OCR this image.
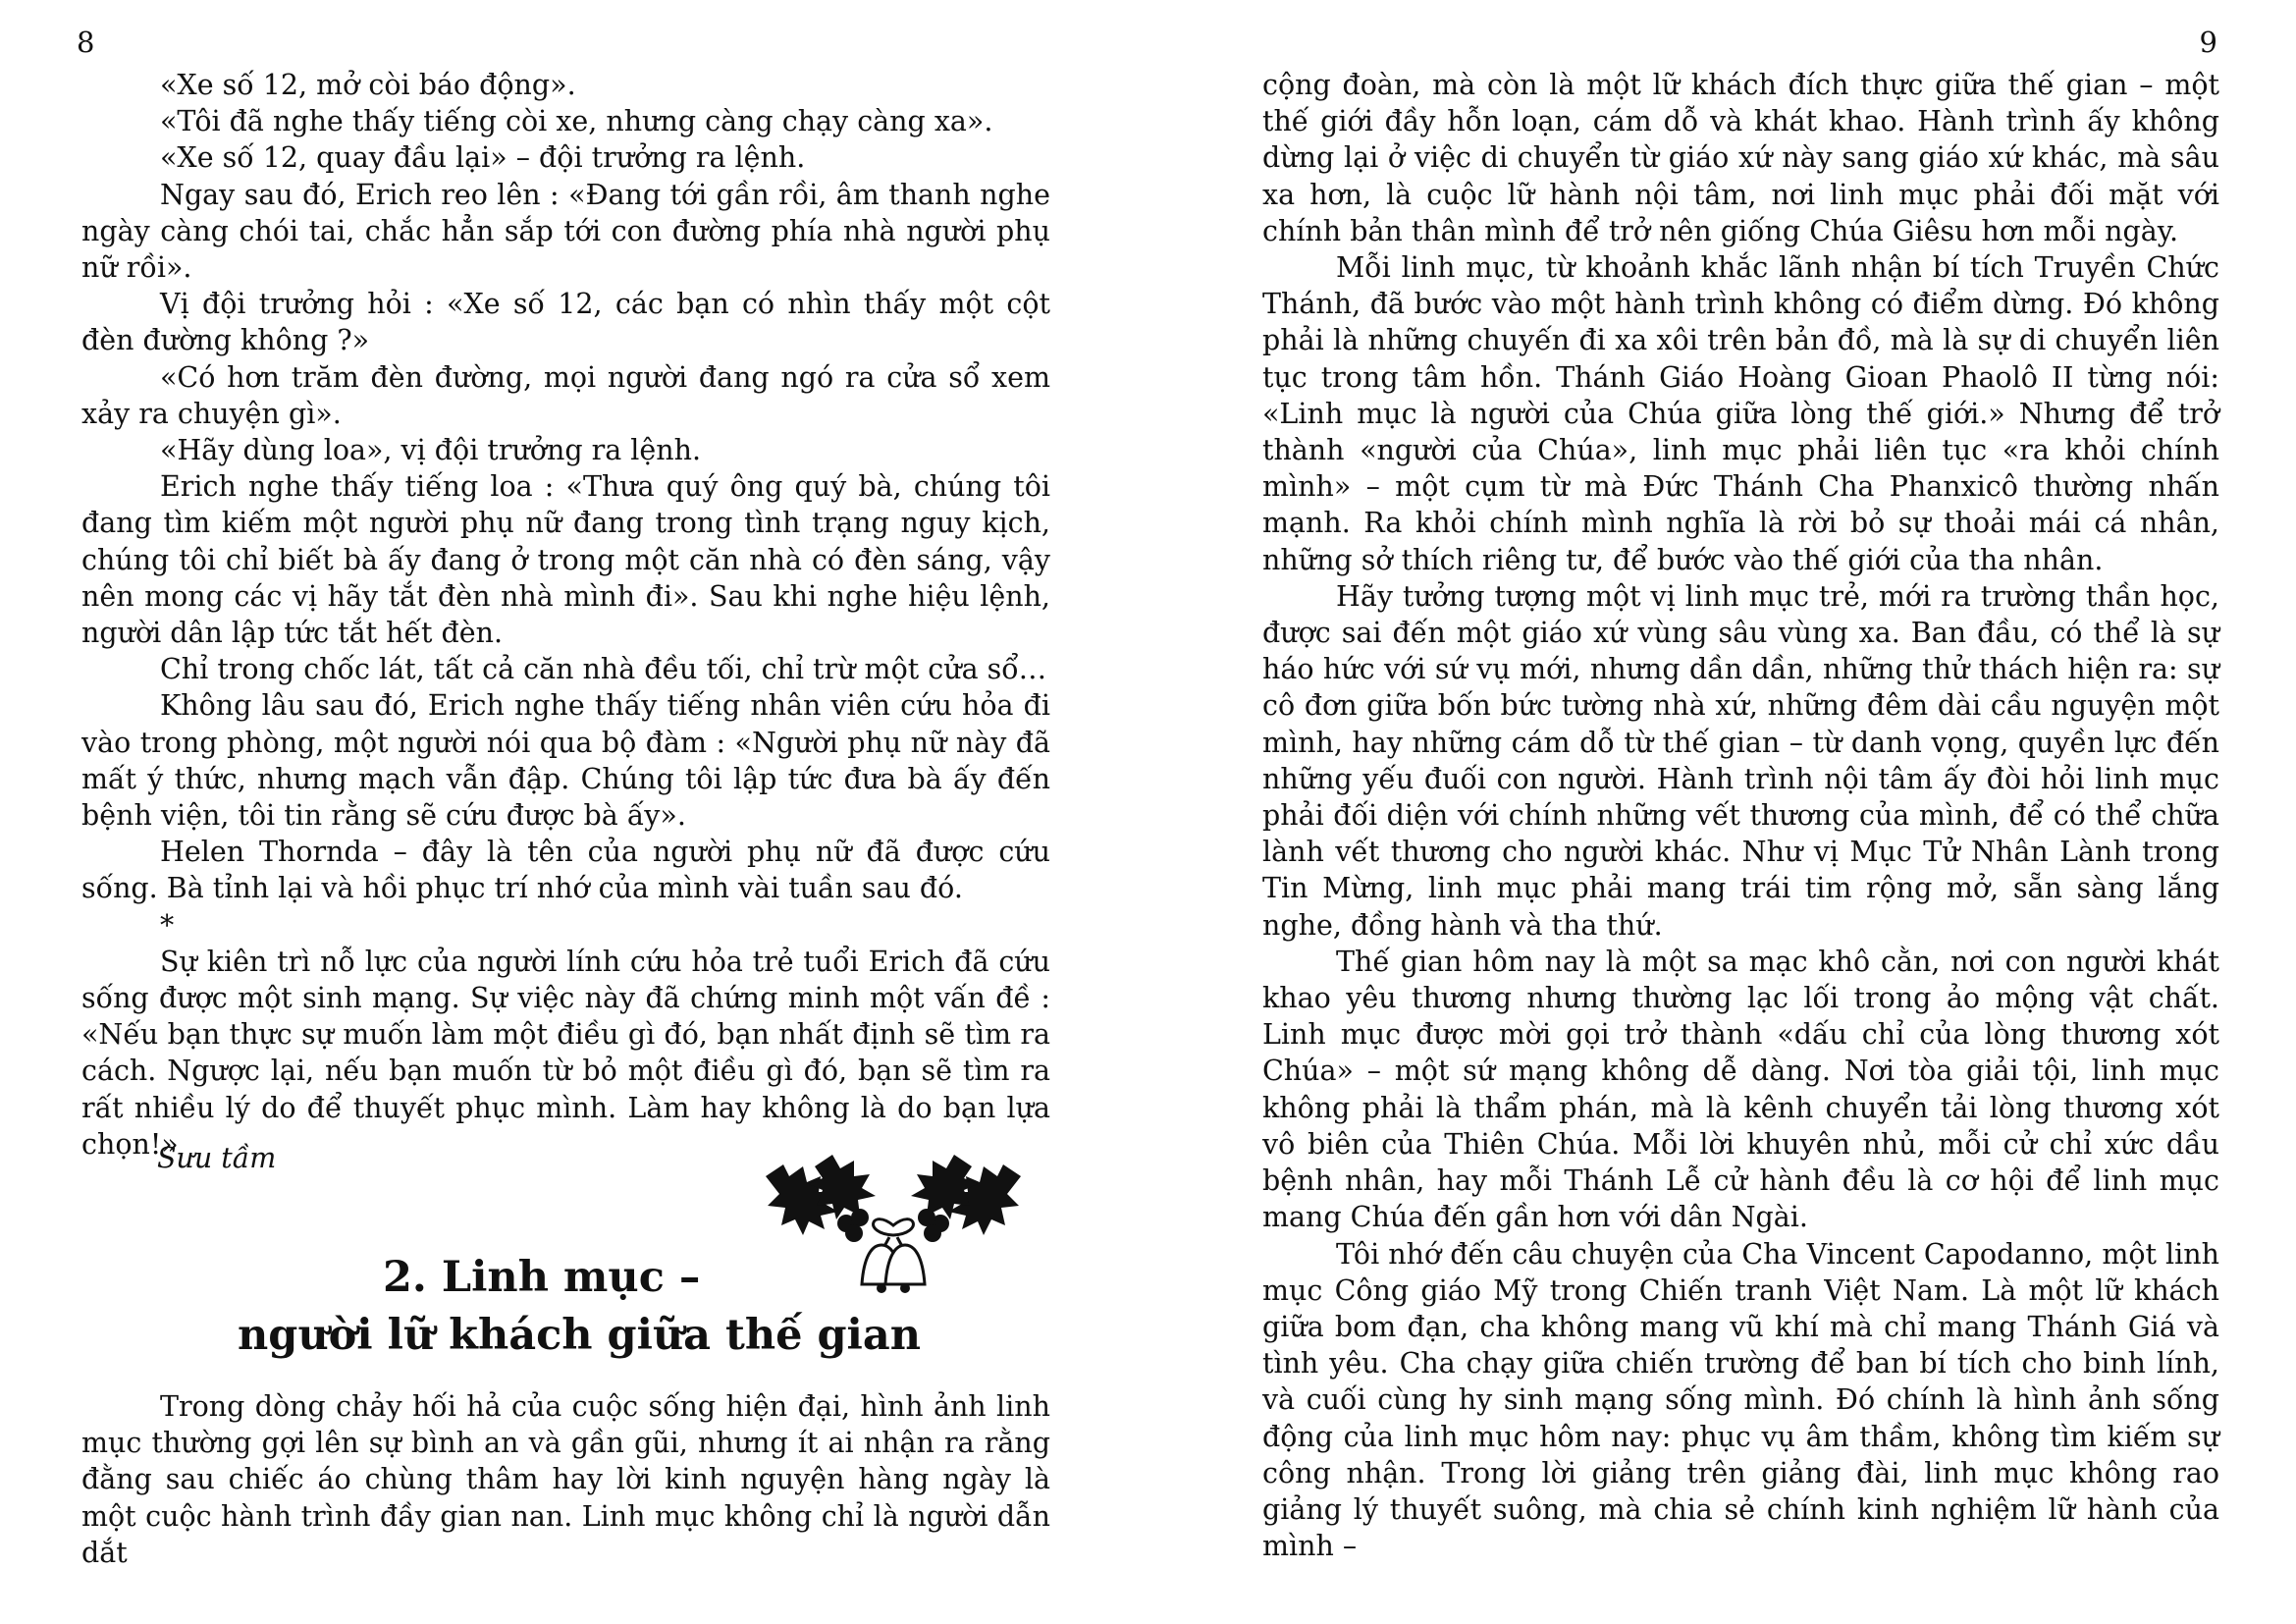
8

«Xe số 12, mở còi báo động».

«Tôi đã nghe thấy tiếng còi xe, nhưng càng chạy càng xa».

«Xe số 12, quay đầu lại» – đội trưởng ra lệnh.

Ngay sau đó, Erich reo lên : «Đang tới gần rồi, âm thanh nghe ngày càng chói tai, chắc hẳn sắp tới con đường phía nhà người phụ nữ rồi».

Vị đội trưởng hỏi : «Xe số 12, các bạn có nhìn thấy một cột đèn đường không ?»

«Có hơn trăm đèn đường, mọi người đang ngó ra cửa sổ xem xảy ra chuyện gì».

«Hãy dùng loa», vị đội trưởng ra lệnh.

Erich nghe thấy tiếng loa : «Thưa quý ông quý bà, chúng tôi đang tìm kiếm một người phụ nữ đang trong tình trạng nguy kịch, chúng tôi chỉ biết bà ấy đang ở trong một căn nhà có đèn sáng, vậy nên mong các vị hãy tắt đèn nhà mình đi». Sau khi nghe hiệu lệnh, người dân lập tức tắt hết đèn.

Chỉ trong chốc lát, tất cả căn nhà đều tối, chỉ trừ một cửa sổ…

Không lâu sau đó, Erich nghe thấy tiếng nhân viên cứu hỏa đi vào trong phòng, một người nói qua bộ đàm : «Người phụ nữ này đã mất ý thức, nhưng mạch vẫn đập. Chúng tôi lập tức đưa bà ấy đến bệnh viện, tôi tin rằng sẽ cứu được bà ấy».

Helen Thornda – đây là tên của người phụ nữ đã được cứu sống. Bà tỉnh lại và hồi phục trí nhớ của mình vài tuần sau đó.

*

Sự kiên trì nỗ lực của người lính cứu hỏa trẻ tuổi Erich đã cứu sống được một sinh mạng. Sự việc này đã chứng minh một vấn đề : «Nếu bạn thực sự muốn làm một điều gì đó, bạn nhất định sẽ tìm ra cách. Ngược lại, nếu bạn muốn từ bỏ một điều gì đó, bạn sẽ tìm ra rất nhiều lý do để thuyết phục mình. Làm hay không là do bạn lựa chọn!»

Sưu tầm
2. Linh mục –
người lữ khách giữa thế gian

Trong dòng chảy hối hả của cuộc sống hiện đại, hình ảnh linh mục thường gợi lên sự bình an và gần gũi, nhưng ít ai nhận ra rằng đằng sau chiếc áo chùng thâm hay lời kinh nguyện hàng ngày là một cuộc hành trình đầy gian nan. Linh mục không chỉ là người dẫn dắt

9

cộng đoàn, mà còn là một lữ khách đích thực giữa thế gian – một thế giới đầy hỗn loạn, cám dỗ và khát khao. Hành trình ấy không dừng lại ở việc di chuyển từ giáo xứ này sang giáo xứ khác, mà sâu xa hơn, là cuộc lữ hành nội tâm, nơi linh mục phải đối mặt với chính bản thân mình để trở nên giống Chúa Giêsu hơn mỗi ngày.

Mỗi linh mục, từ khoảnh khắc lãnh nhận bí tích Truyền Chức Thánh, đã bước vào một hành trình không có điểm dừng. Đó không phải là những chuyến đi xa xôi trên bản đồ, mà là sự di chuyển liên tục trong tâm hồn. Thánh Giáo Hoàng Gioan Phaolô II từng nói: «Linh mục là người của Chúa giữa lòng thế giới.» Nhưng để trở thành «người của Chúa», linh mục phải liên tục «ra khỏi chính mình» – một cụm từ mà Đức Thánh Cha Phanxicô thường nhấn mạnh. Ra khỏi chính mình nghĩa là rời bỏ sự thoải mái cá nhân, những sở thích riêng tư, để bước vào thế giới của tha nhân.

Hãy tưởng tượng một vị linh mục trẻ, mới ra trường thần học, được sai đến một giáo xứ vùng sâu vùng xa. Ban đầu, có thể là sự háo hức với sứ vụ mới, nhưng dần dần, những thử thách hiện ra: sự cô đơn giữa bốn bức tường nhà xứ, những đêm dài cầu nguyện một mình, hay những cám dỗ từ thế gian – từ danh vọng, quyền lực đến những yếu đuối con người. Hành trình nội tâm ấy đòi hỏi linh mục phải đối diện với chính những vết thương của mình, để có thể chữa lành vết thương cho người khác. Như vị Mục Tử Nhân Lành trong Tin Mừng, linh mục phải mang trái tim rộng mở, sẵn sàng lắng nghe, đồng hành và tha thứ.

Thế gian hôm nay là một sa mạc khô cằn, nơi con người khát khao yêu thương nhưng thường lạc lối trong ảo mộng vật chất. Linh mục được mời gọi trở thành «dấu chỉ của lòng thương xót Chúa» – một sứ mạng không dễ dàng. Nơi tòa giải tội, linh mục không phải là thẩm phán, mà là kênh chuyển tải lòng thương xót vô biên của Thiên Chúa. Mỗi lời khuyên nhủ, mỗi cử chỉ xức dầu bệnh nhân, hay mỗi Thánh Lễ cử hành đều là cơ hội để linh mục mang Chúa đến gần hơn với dân Ngài.

Tôi nhớ đến câu chuyện của Cha Vincent Capodanno, một linh mục Công giáo Mỹ trong Chiến tranh Việt Nam. Là một lữ khách giữa bom đạn, cha không mang vũ khí mà chỉ mang Thánh Giá và tình yêu. Cha chạy giữa chiến trường để ban bí tích cho binh lính, và cuối cùng hy sinh mạng sống mình. Đó chính là hình ảnh sống động của linh mục hôm nay: phục vụ âm thầm, không tìm kiếm sự công nhận. Trong lời giảng trên giảng đài, linh mục không rao giảng lý thuyết suông, mà chia sẻ chính kinh nghiệm lữ hành của mình –
